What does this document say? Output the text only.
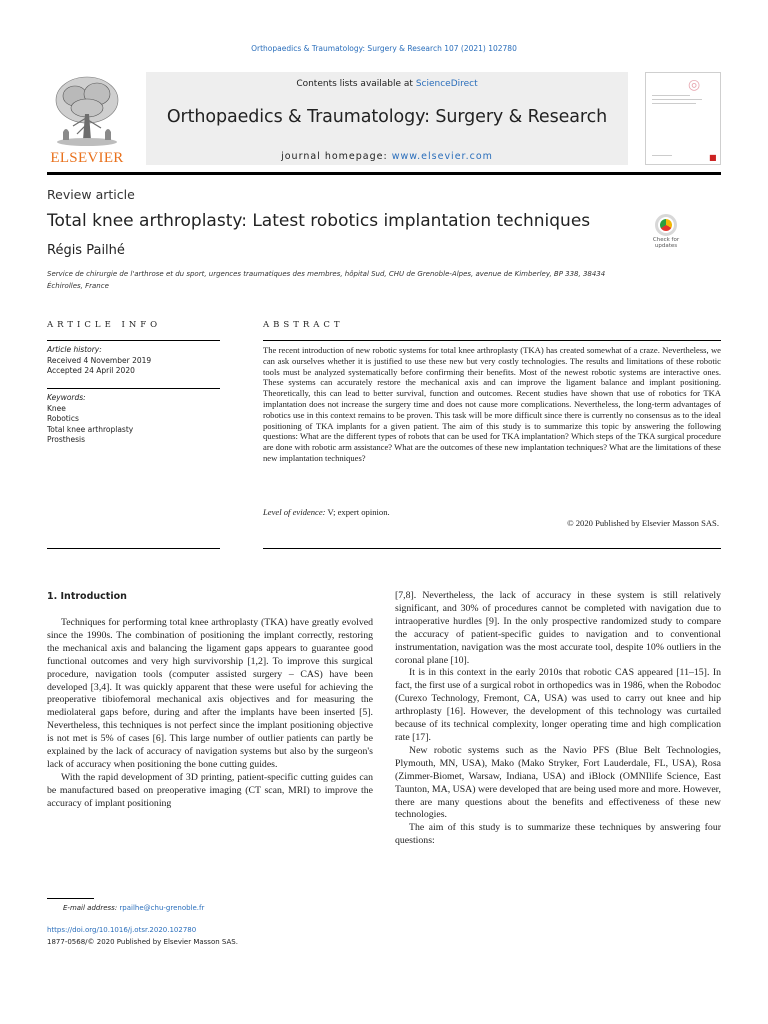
Orthopaedics & Traumatology: Surgery & Research 107 (2021) 102780
ELSEVIER
Contents lists available at ScienceDirect
Orthopaedics & Traumatology: Surgery & Research
journal homepage: www.elsevier.com
◎
■
Review article
Total knee arthroplasty: Latest robotics implantation techniques
Check for updates
Régis Pailhé
Service de chirurgie de l'arthrose et du sport, urgences traumatiques des membres, hôpital Sud, CHU de Grenoble-Alpes, avenue de Kimberley, BP 338, 38434 Échirolles, France
ARTICLE INFO	ABSTRACT
Article history:
Received 4 November 2019
Accepted 24 April 2020
Keywords:
Knee
Robotics
Total knee arthroplasty
Prosthesis
The recent introduction of new robotic systems for total knee arthroplasty (TKA) has created somewhat of a craze. Nevertheless, we can ask ourselves whether it is justified to use these new but very costly technologies. The results and limitations of these robotic tools must be analyzed systematically before confirming their benefits. Most of the newest robotic systems are interactive ones. These systems can accurately restore the mechanical axis and can improve the ligament balance and implant positioning. Theoretically, this can lead to better survival, function and outcomes. Recent studies have shown that use of robotics for TKA implantation does not increase the surgery time and does not cause more complications. Nevertheless, the long-term advantages of robotics use in this context remains to be proven. This task will be more difficult since there is currently no consensus as to the ideal positioning of TKA implants for a given patient. The aim of this study is to summarize this topic by answering the following questions: What are the different types of robots that can be used for TKA implantation? Which steps of the TKA surgical procedure are done with robotic arm assistance? What are the outcomes of these new implantation techniques? What are the limitations of these new implantation techniques?
Level of evidence: V; expert opinion.
© 2020 Published by Elsevier Masson SAS.
1. Introduction

Techniques for performing total knee arthroplasty (TKA) have greatly evolved since the 1990s. The combination of positioning the implant correctly, restoring the mechanical axis and balancing the ligament gaps appears to guarantee good functional outcomes and very high survivorship [1,2]. To improve this surgical procedure, navigation tools (computer assisted surgery – CAS) have been developed [3,4]. It was quickly apparent that these were useful for achieving the preoperative tibiofemoral mechanical axis objectives and for measuring the mediolateral gaps before, during and after the implants have been inserted [5]. Nevertheless, this techniques is not perfect since the implant positioning objective is not met is 5% of cases [6]. This large number of outlier patients can partly be explained by the lack of accuracy of navigation systems but also by the surgeon's lack of accuracy when positioning the bone cutting guides.

With the rapid development of 3D printing, patient-specific cutting guides can be manufactured based on preoperative imaging (CT scan, MRI) to improve the accuracy of implant positioning

[7,8]. Nevertheless, the lack of accuracy in these system is still relatively significant, and 30% of procedures cannot be completed with navigation due to intraoperative hurdles [9]. In the only prospective randomized study to compare the accuracy of patient-specific guides to navigation and to conventional instrumentation, navigation was the most accurate tool, despite 10% outliers in the coronal plane [10].

It is in this context in the early 2010s that robotic CAS appeared [11–15]. In fact, the first use of a surgical robot in orthopedics was in 1986, when the Robodoc (Curexo Technology, Fremont, CA, USA) was used to carry out knee and hip arthroplasty [16]. However, the development of this technology was curtailed because of its technical complexity, longer operating time and high complication rate [17].

New robotic systems such as the Navio PFS (Blue Belt Technologies, Plymouth, MN, USA), Mako (Mako Stryker, Fort Lauderdale, FL, USA), Rosa (Zimmer-Biomet, Warsaw, Indiana, USA) and iBlock (OMNIlife Science, East Taunton, MA, USA) were developed that are being used more and more. However, there are many questions about the benefits and effectiveness of these new technologies.

The aim of this study is to summarize these techniques by answering four questions:

E-mail address: rpailhe@chu-grenoble.fr
https://doi.org/10.1016/j.otsr.2020.102780
1877-0568/© 2020 Published by Elsevier Masson SAS.
